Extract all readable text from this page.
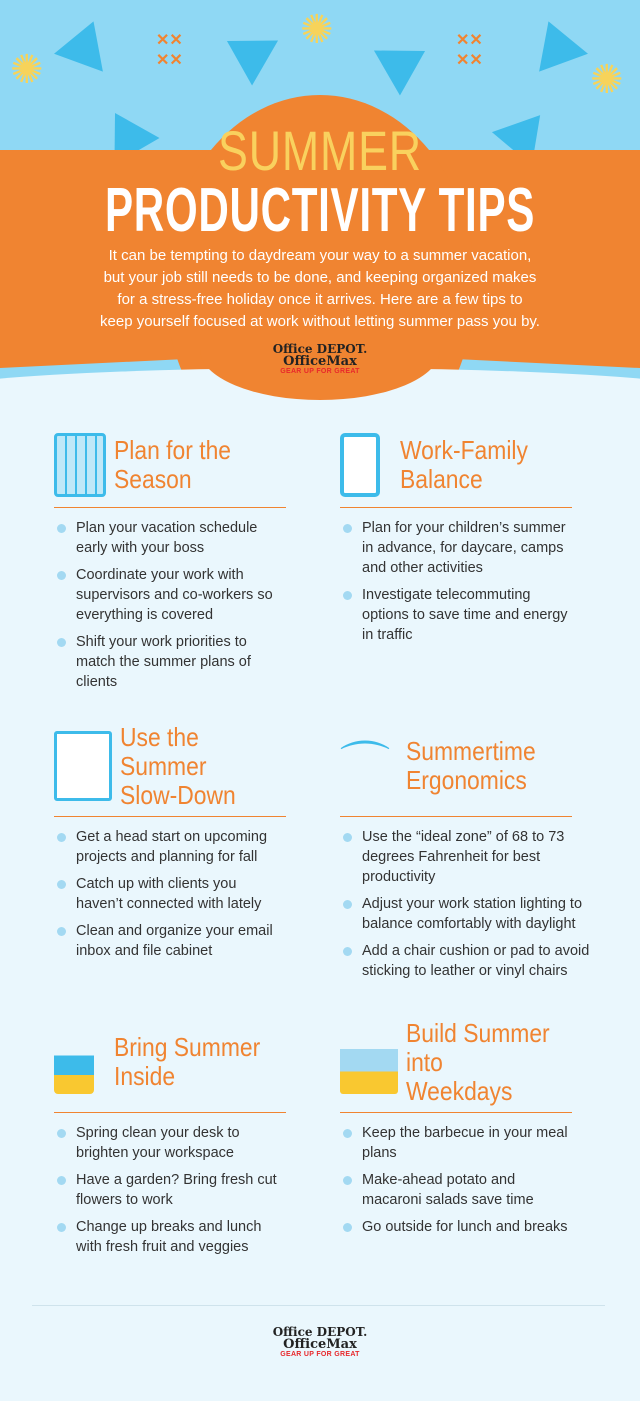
✺
✺
✺
✕✕
✕✕
✕✕
✕✕
SUMMER
PRODUCTIVITY TIPS

It can be tempting to daydream your way to a summer vacation, but your job still needs to be done, and keeping organized makes for a stress-free holiday once it arrives. Here are a few tips to keep yourself focused at work without letting summer pass you by.

Office DEPOT.
OfficeMax
GEAR UP FOR GREAT
Plan for the Season
Plan your vacation schedule early with your boss
Coordinate your work with supervisors and co-workers so everything is covered
Shift your work priorities to match the summer plans of clients
Work-Family Balance
Plan for your children’s summer in advance, for daycare, camps and other activities
Investigate telecommuting options to save time and energy in traffic
Use the Summer Slow-Down
Get a head start on upcoming projects and planning for fall
Catch up with clients you haven’t connected with lately
Clean and organize your email inbox and file cabinet
⌒ Summertime Ergonomics
Use the “ideal zone” of 68 to 73 degrees Fahrenheit for best productivity
Adjust your work station lighting to balance comfortably with daylight
Add a chair cushion or pad to avoid sticking to leather or vinyl chairs
Bring Summer Inside
Spring clean your desk to brighten your workspace
Have a garden? Bring fresh cut flowers to work
Change up breaks and lunch with fresh fruit and veggies
Build Summer into Weekdays
Keep the barbecue in your meal plans
Make-ahead potato and macaroni salads save time
Go outside for lunch and breaks
Office DEPOT.
OfficeMax
GEAR UP FOR GREAT
